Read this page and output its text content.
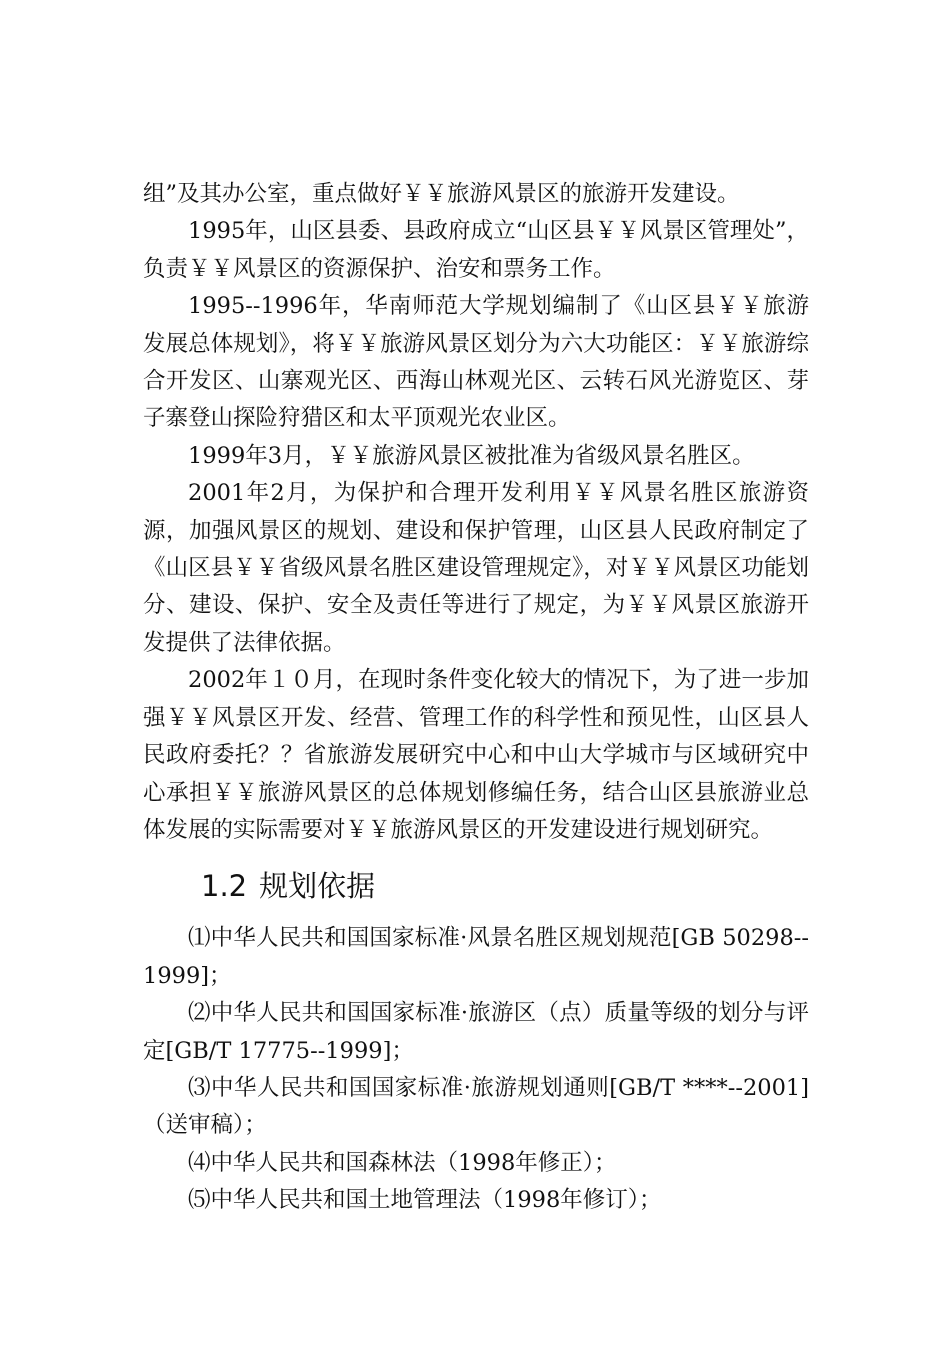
组”及其办公室，重点做好￥￥旅游风景区的旅游开发建设。

1995年，山区县委、县政府成立“山区县￥￥风景区管理处”，负责￥￥风景区的资源保护、治安和票务工作。

1995--1996年，华南师范大学规划编制了《山区县￥￥旅游发展总体规划》，将￥￥旅游风景区划分为六大功能区：￥￥旅游综合开发区、山寨观光区、西海山林观光区、云转石风光游览区、芽子寨登山探险狩猎区和太平顶观光农业区。

1999年3月，￥￥旅游风景区被批准为省级风景名胜区。

2001年2月，为保护和合理开发利用￥￥风景名胜区旅游资源，加强风景区的规划、建设和保护管理，山区县人民政府制定了《山区县￥￥省级风景名胜区建设管理规定》，对￥￥风景区功能划分、建设、保护、安全及责任等进行了规定，为￥￥风景区旅游开发提供了法律依据。

2002年１０月，在现时条件变化较大的情况下，为了进一步加强￥￥风景区开发、经营、管理工作的科学性和预见性，山区县人民政府委托？？省旅游发展研究中心和中山大学城市与区域研究中心承担￥￥旅游风景区的总体规划修编任务，结合山区县旅游业总体发展的实际需要对￥￥旅游风景区的开发建设进行规划研究。

1.2 规划依据

⑴中华人民共和国国家标准·风景名胜区规划规范[GB 50298--1999]；

⑵中华人民共和国国家标准·旅游区（点）质量等级的划分与评定[GB/T 17775--1999]；

⑶中华人民共和国国家标准·旅游规划通则[GB/T ****--2001]（送审稿）；

⑷中华人民共和国森林法（1998年修正）；

⑸中华人民共和国土地管理法（1998年修订）；
